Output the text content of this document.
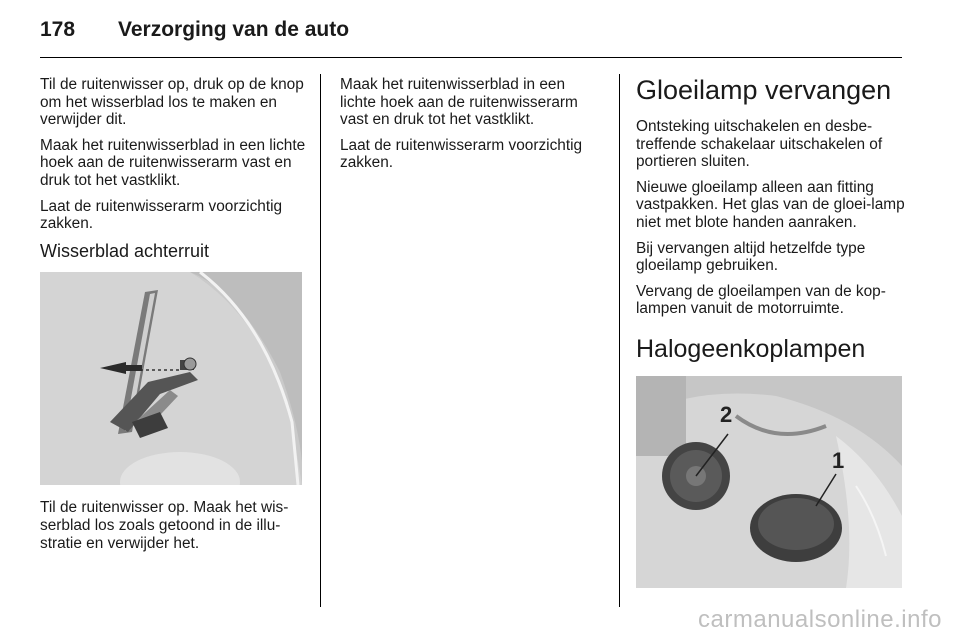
178 Verzorging van de auto

Til de ruitenwisser op, druk op de knop om het wisserblad los te maken en verwijder dit.

Maak het ruitenwisserblad in een lichte hoek aan de ruitenwisserarm vast en druk tot het vastklikt.

Laat de ruitenwisserarm voorzichtig zakken.

Wisserblad achterruit

Til de ruitenwisser op. Maak het wis-serblad los zoals getoond in de illu-stratie en verwijder het.

Maak het ruitenwisserblad in een lichte hoek aan de ruitenwisserarm vast en druk tot het vastklikt.

Laat de ruitenwisserarm voorzichtig zakken.

Gloeilamp vervangen

Ontsteking uitschakelen en desbe-treffende schakelaar uitschakelen of portieren sluiten.

Nieuwe gloeilamp alleen aan fitting vastpakken. Het glas van de gloei-lamp niet met blote handen aanraken.

Bij vervangen altijd hetzelfde type gloeilamp gebruiken.

Vervang de gloeilampen van de kop-lampen vanuit de motorruimte.

Halogeenkoplampen
2
1
carmanualsonline.info
